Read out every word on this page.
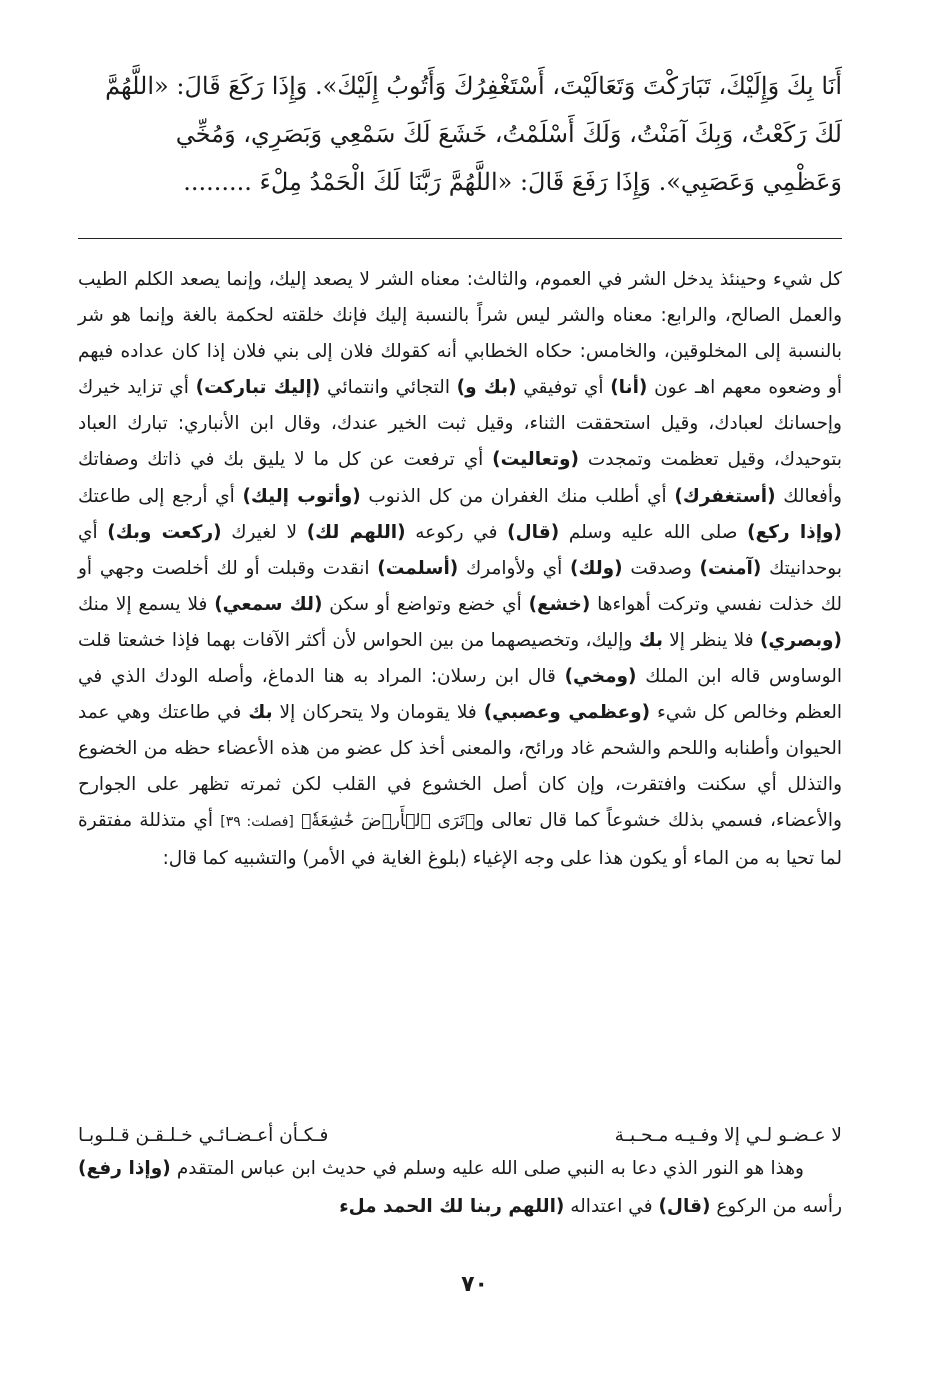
أَنَا بِكَ وَإِلَيْكَ، تَبَارَكْتَ وَتَعَالَيْتَ، أَسْتَغْفِرُكَ وَأَتُوبُ إِلَيْكَ». وَإِذَا رَكَعَ قَالَ: «اللَّهُمَّ

لَكَ رَكَعْتُ، وَبِكَ آمَنْتُ، وَلَكَ أَسْلَمْتُ، خَشَعَ لَكَ سَمْعِي وَبَصَرِي، وَمُخِّي

وَعَظْمِي وَعَصَبِي». وَإِذَا رَفَعَ قَالَ: «اللَّهُمَّ رَبَّنَا لَكَ الْحَمْدُ مِلْءَ .........

كل شيء وحينئذ يدخل الشر في العموم، والثالث: معناه الشر لا يصعد إليك، وإنما يصعد الكلم الطيب والعمل الصالح، والرابع: معناه والشر ليس شراً بالنسبة إليك فإنك خلقته لحكمة بالغة وإنما هو شر بالنسبة إلى المخلوقين، والخامس: حكاه الخطابي أنه كقولك فلان إلى بني فلان إذا كان عداده فيهم أو وضعوه معهم اهـ عون (أنا) أي توفيقي (بك و) التجائي وانتمائي (إليك تباركت) أي تزايد خيرك وإحسانك لعبادك، وقيل استحققت الثناء، وقيل ثبت الخير عندك، وقال ابن الأنباري: تبارك العباد بتوحيدك، وقيل تعظمت وتمجدت (وتعاليت) أي ترفعت عن كل ما لا يليق بك في ذاتك وصفاتك وأفعالك (أستغفرك) أي أطلب منك الغفران من كل الذنوب (وأتوب إليك) أي أرجع إلى طاعتك (وإذا ركع) صلى الله عليه وسلم (قال) في ركوعه (اللهم لك) لا لغيرك (ركعت وبك) أي بوحدانيتك (آمنت) وصدقت (ولك) أي ولأوامرك (أسلمت) انقدت وقبلت أو لك أخلصت وجهي أو لك خذلت نفسي وتركت أهواءها (خشع) أي خضع وتواضع أو سكن (لك سمعي) فلا يسمع إلا منك (وبصري) فلا ينظر إلا بك وإليك، وتخصيصهما من بين الحواس لأن أكثر الآفات بهما فإذا خشعتا قلت الوساوس قاله ابن الملك (ومخي) قال ابن رسلان: المراد به هنا الدماغ، وأصله الودك الذي في العظم وخالص كل شيء (وعظمي وعصبي) فلا يقومان ولا يتحركان إلا بك في طاعتك وهي عمد الحيوان وأطنابه واللحم والشحم غاد ورائح، والمعنى أخذ كل عضو من هذه الأعضاء حظه من الخضوع والتذلل أي سكنت وافتقرت، وإن كان أصل الخشوع في القلب لكن ثمرته تظهر على الجوارح والأعضاء، فسمي بذلك خشوعاً كما قال تعالى و﴿تَرَى ٱلۡأَرۡضَ خَٰشِعَةٗ﴾ [فصلت: ٣٩] أي متذللة مفتقرة لما تحيا به من الماء أو يكون هذا على وجه الإغياء (بلوغ الغاية في الأمر) والتشبيه كما قال:

فـكـأن أعـضـائـي خـلـقـن قـلـوبـا	لا عـضـو لـي إلا وفـيـه مـحـبـة

وهذا هو النور الذي دعا به النبي صلى الله عليه وسلم في حديث ابن عباس المتقدم (وإذا رفع) رأسه من الركوع (قال) في اعتداله (اللهم ربنا لك الحمد ملء

٧٠
